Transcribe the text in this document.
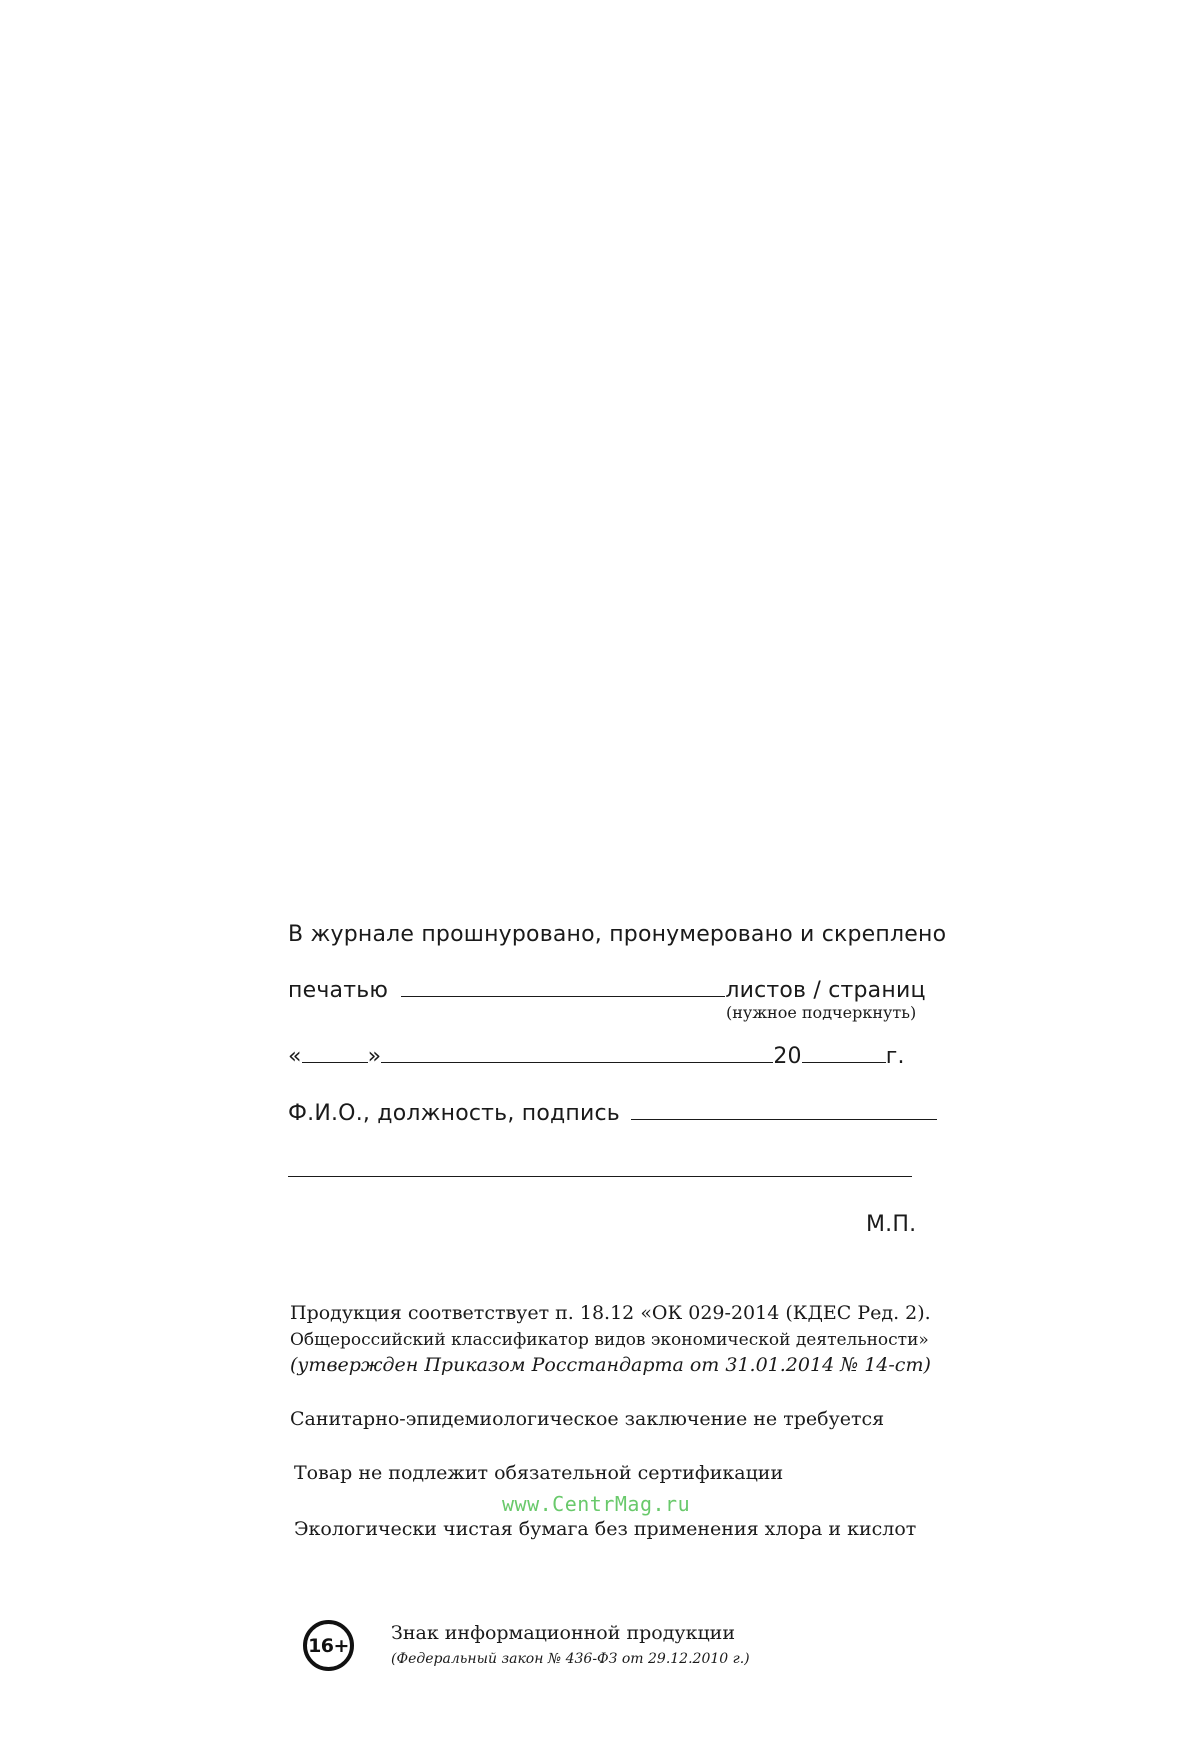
В журнале прошнуровано, пронумеровано и скреплено
печатью	листов / страниц
(нужное подчеркнуть)
«	»	20	г.
Ф.И.О., должность, подпись
М.П.
Продукция соответствует п. 18.12 «ОК 029-2014 (КДЕС Ред. 2).
Общероссийский классификатор видов экономической деятельности»
(утвержден Приказом Росстандарта от 31.01.2014 № 14-ст)
Санитарно-эпидемиологическое заключение не требуется
Товар не подлежит обязательной сертификации
www.CentrMag.ru
Экологически чистая бумага без применения хлора и кислот
16+
Знак информационной продукции
(Федеральный закон № 436-ФЗ от 29.12.2010 г.)
